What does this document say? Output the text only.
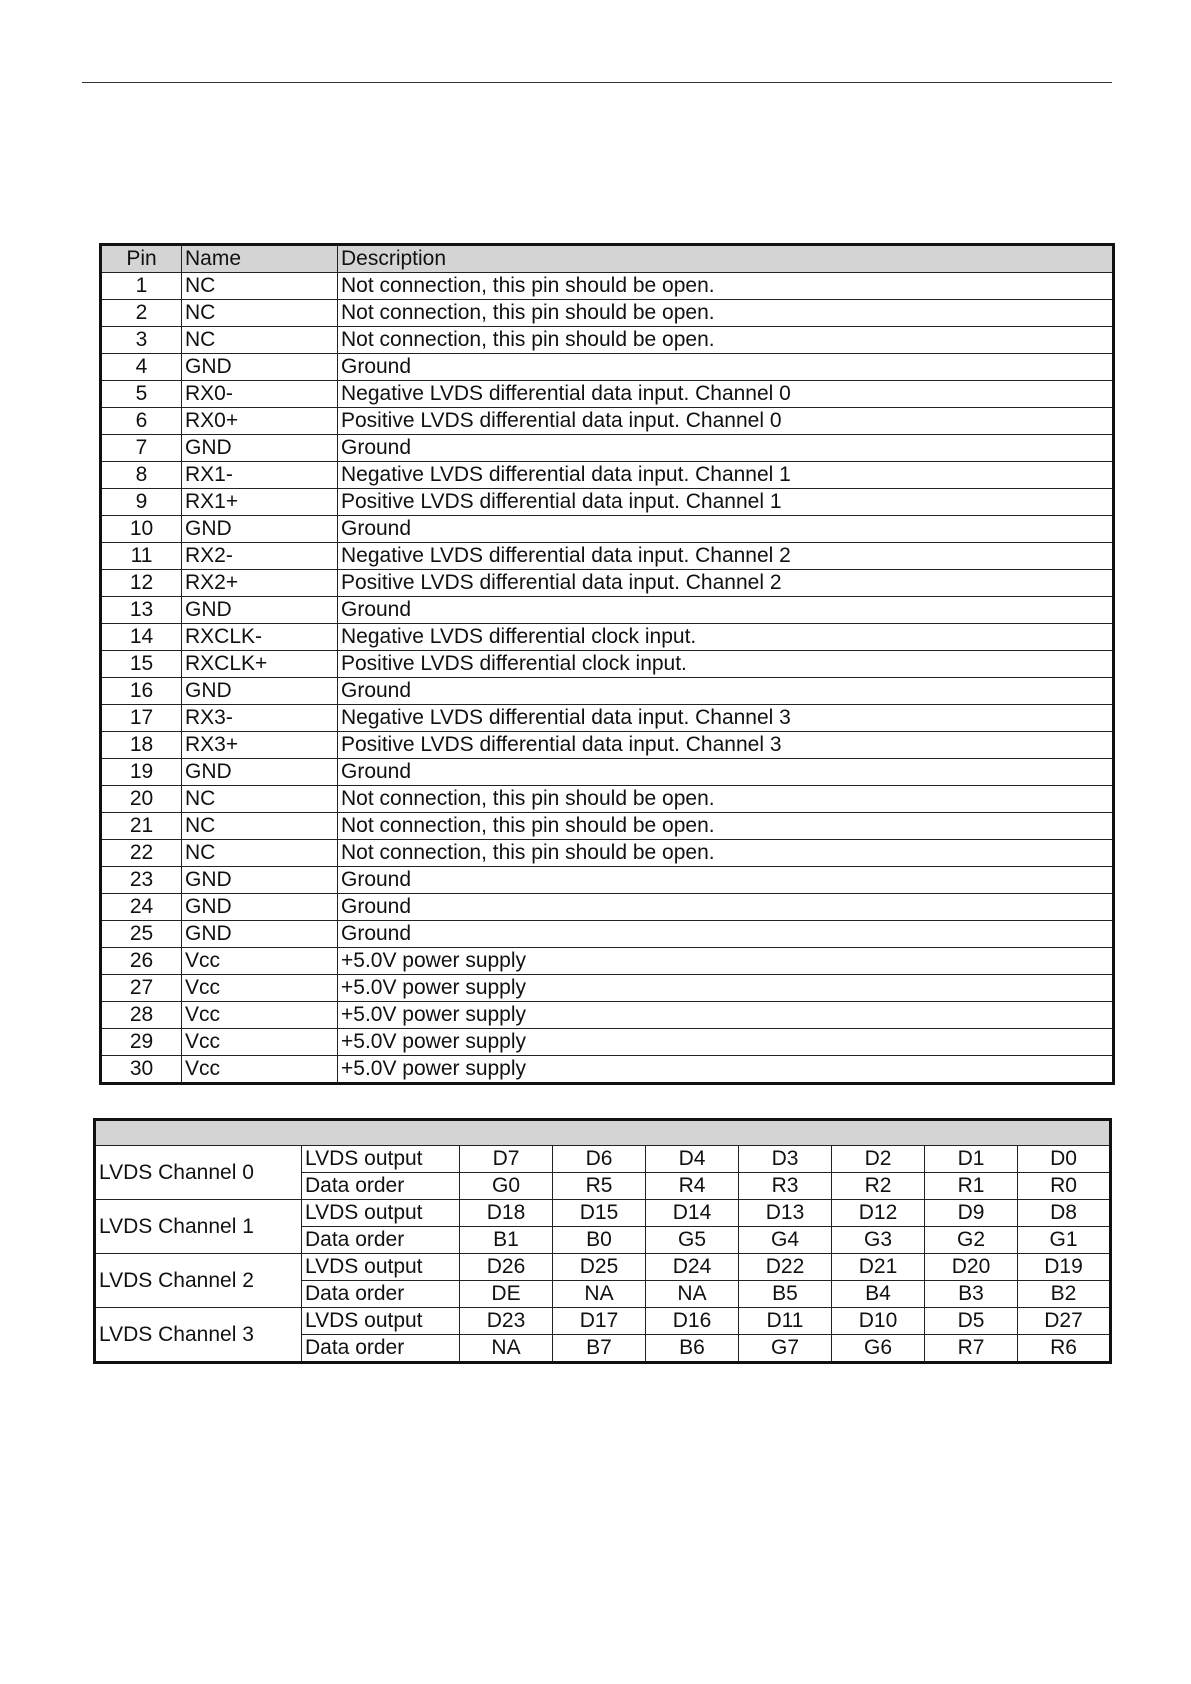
Pin	Name	Description
1	NC	Not connection, this pin should be open.
2	NC	Not connection, this pin should be open.
3	NC	Not connection, this pin should be open.
4	GND	Ground
5	RX0-	Negative LVDS differential data input. Channel 0
6	RX0+	Positive LVDS differential data input. Channel 0
7	GND	Ground
8	RX1-	Negative LVDS differential data input. Channel 1
9	RX1+	Positive LVDS differential data input. Channel 1
10	GND	Ground
11	RX2-	Negative LVDS differential data input. Channel 2
12	RX2+	Positive LVDS differential data input. Channel 2
13	GND	Ground
14	RXCLK-	Negative LVDS differential clock input.
15	RXCLK+	Positive LVDS differential clock input.
16	GND	Ground
17	RX3-	Negative LVDS differential data input. Channel 3
18	RX3+	Positive LVDS differential data input. Channel 3
19	GND	Ground
20	NC	Not connection, this pin should be open.
21	NC	Not connection, this pin should be open.
22	NC	Not connection, this pin should be open.
23	GND	Ground
24	GND	Ground
25	GND	Ground
26	Vcc	+5.0V power supply
27	Vcc	+5.0V power supply
28	Vcc	+5.0V power supply
29	Vcc	+5.0V power supply
30	Vcc	+5.0V power supply

LVDS Channel 0	LVDS output	D7	D6	D4	D3	D2	D1	D0
	Data order	G0	R5	R4	R3	R2	R1	R0
LVDS Channel 1	LVDS output	D18	D15	D14	D13	D12	D9	D8
	Data order	B1	B0	G5	G4	G3	G2	G1
LVDS Channel 2	LVDS output	D26	D25	D24	D22	D21	D20	D19
	Data order	DE	NA	NA	B5	B4	B3	B2
LVDS Channel 3	LVDS output	D23	D17	D16	D11	D10	D5	D27
	Data order	NA	B7	B6	G7	G6	R7	R6
